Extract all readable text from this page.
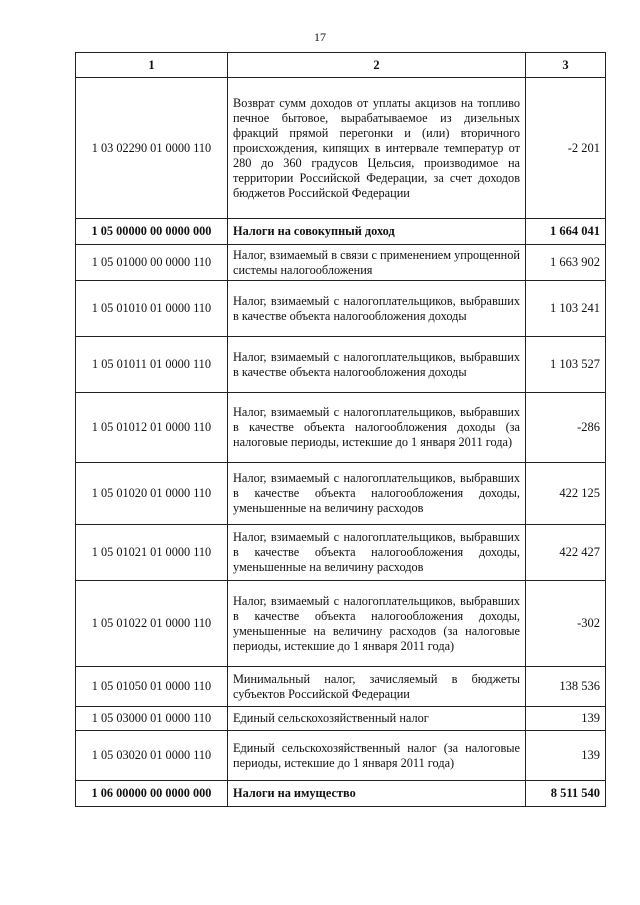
17
1	2	3
1 03 02290 01 0000 110	Возврат сумм доходов от уплаты акцизов на топливо печное бытовое, вырабатываемое из дизельных фракций прямой перегонки и (или) вторичного происхождения, кипящих в интервале температур от 280 до 360 градусов Цельсия, производимое на территории Российской Федерации, за счет доходов бюджетов Российской Федерации	-2 201
1 05 00000 00 0000 000	Налоги на совокупный доход	1 664 041
1 05 01000 00 0000 110	Налог, взимаемый в связи с применением упрощенной системы налогообложения	1 663 902
1 05 01010 01 0000 110	Налог, взимаемый с налогоплательщиков, выбравших в качестве объекта налогообложения доходы	1 103 241
1 05 01011 01 0000 110	Налог, взимаемый с налогоплательщиков, выбравших в качестве объекта налогообложения доходы	1 103 527
1 05 01012 01 0000 110	Налог, взимаемый с налогоплательщиков, выбравших в качестве объекта налогообложения доходы (за налоговые периоды, истекшие до 1 января 2011 года)	-286
1 05 01020 01 0000 110	Налог, взимаемый с налогоплательщиков, выбравших в качестве объекта налогообложения доходы, уменьшенные на величину расходов	422 125
1 05 01021 01 0000 110	Налог, взимаемый с налогоплательщиков, выбравших в качестве объекта налогообложения доходы, уменьшенные на величину расходов	422 427
1 05 01022 01 0000 110	Налог, взимаемый с налогоплательщиков, выбравших в качестве объекта налогообложения доходы, уменьшенные на величину расходов (за налоговые периоды, истекшие до 1 января 2011 года)	-302
1 05 01050 01 0000 110	Минимальный налог, зачисляемый в бюджеты субъектов Российской Федерации	138 536
1 05 03000 01 0000 110	Единый сельскохозяйственный налог	139
1 05 03020 01 0000 110	Единый сельскохозяйственный налог (за налоговые периоды, истекшие до 1 января 2011 года)	139
1 06 00000 00 0000 000	Налоги на имущество	8 511 540
